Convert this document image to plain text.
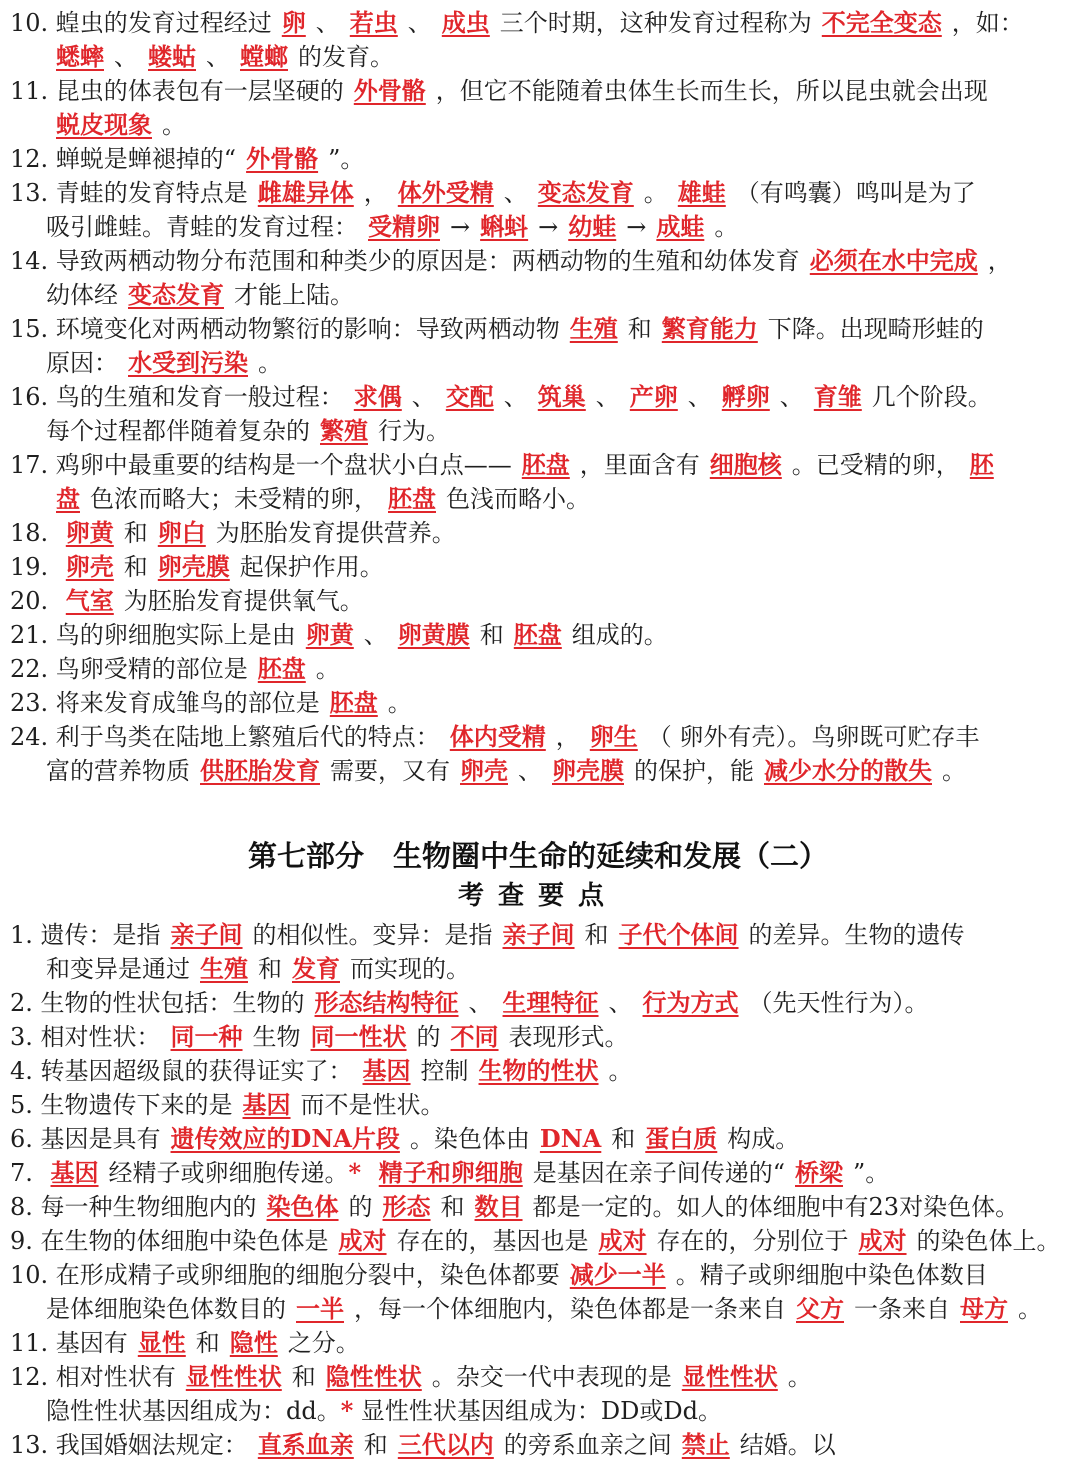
10. 蝗虫的发育过程经过 卵 、 若虫 、 成虫 三个时期，这种发育过程称为 不完全变态 ，如：
蟋蟀 、 蝼蛄 、 螳螂 的发育。
11. 昆虫的体表包有一层坚硬的 外骨骼 ，但它不能随着虫体生长而生长，所以昆虫就会出现
蜕皮现象 。
12. 蝉蜕是蝉褪掉的“ 外骨骼 ”。
13. 青蛙的发育特点是 雌雄异体 ， 体外受精 、 变态发育 。 雄蛙 （有鸣囊）鸣叫是为了
吸引雌蛙。青蛙的发育过程： 受精卵 → 蝌蚪 → 幼蛙 → 成蛙 。
14. 导致两栖动物分布范围和种类少的原因是：两栖动物的生殖和幼体发育 必须在水中完成 ，
幼体经 变态发育 才能上陆。
15. 环境变化对两栖动物繁衍的影响：导致两栖动物 生殖 和 繁育能力 下降。出现畸形蛙的
原因： 水受到污染 。
16. 鸟的生殖和发育一般过程： 求偶 、 交配 、 筑巢 、 产卵 、 孵卵 、 育雏 几个阶段。
每个过程都伴随着复杂的 繁殖 行为。
17. 鸡卵中最重要的结构是一个盘状小白点—— 胚盘 ，里面含有 细胞核 。已受精的卵， 胚
盘 色浓而略大；未受精的卵， 胚盘 色浅而略小。
18. 卵黄 和 卵白 为胚胎发育提供营养。
19. 卵壳 和 卵壳膜 起保护作用。
20. 气室 为胚胎发育提供氧气。
21. 鸟的卵细胞实际上是由 卵黄 、 卵黄膜 和 胚盘 组成的。
22. 鸟卵受精的部位是 胚盘 。
23. 将来发育成雏鸟的部位是 胚盘 。
24. 利于鸟类在陆地上繁殖后代的特点： 体内受精 ， 卵生 （ 卵外有壳）。鸟卵既可贮存丰
富的营养物质 供胚胎发育 需要，又有 卵壳 、 卵壳膜 的保护，能 减少水分的散失 。
第七部分　生物圈中生命的延续和发展（二）
考查要点
1. 遗传：是指 亲子间 的相似性。变异：是指 亲子间 和 子代个体间 的差异。生物的遗传
和变异是通过 生殖 和 发育 而实现的。
2. 生物的性状包括：生物的 形态结构特征 、 生理特征 、 行为方式 （先天性行为）。
3. 相对性状： 同一种 生物 同一性状 的 不同 表现形式。
4. 转基因超级鼠的获得证实了： 基因 控制 生物的性状 。
5. 生物遗传下来的是 基因 而不是性状。
6. 基因是具有 遗传效应的DNA片段 。染色体由 DNA 和 蛋白质 构成。
7. 基因 经精子或卵细胞传递。* 精子和卵细胞 是基因在亲子间传递的“ 桥梁 ”。
8. 每一种生物细胞内的 染色体 的 形态 和 数目 都是一定的。如人的体细胞中有23对染色体。
9. 在生物的体细胞中染色体是 成对 存在的，基因也是 成对 存在的，分别位于 成对 的染色体上。
10. 在形成精子或卵细胞的细胞分裂中，染色体都要 减少一半 。精子或卵细胞中染色体数目
是体细胞染色体数目的 一半 ，每一个体细胞内，染色体都是一条来自 父方 一条来自 母方 。
11. 基因有 显性 和 隐性 之分。
12. 相对性状有 显性性状 和 隐性性状 。杂交一代中表现的是 显性性状 。
隐性性状基因组成为：dd。* 显性性状基因组成为：DD或Dd。
13. 我国婚姻法规定： 直系血亲 和 三代以内 的旁系血亲之间 禁止 结婚。以
